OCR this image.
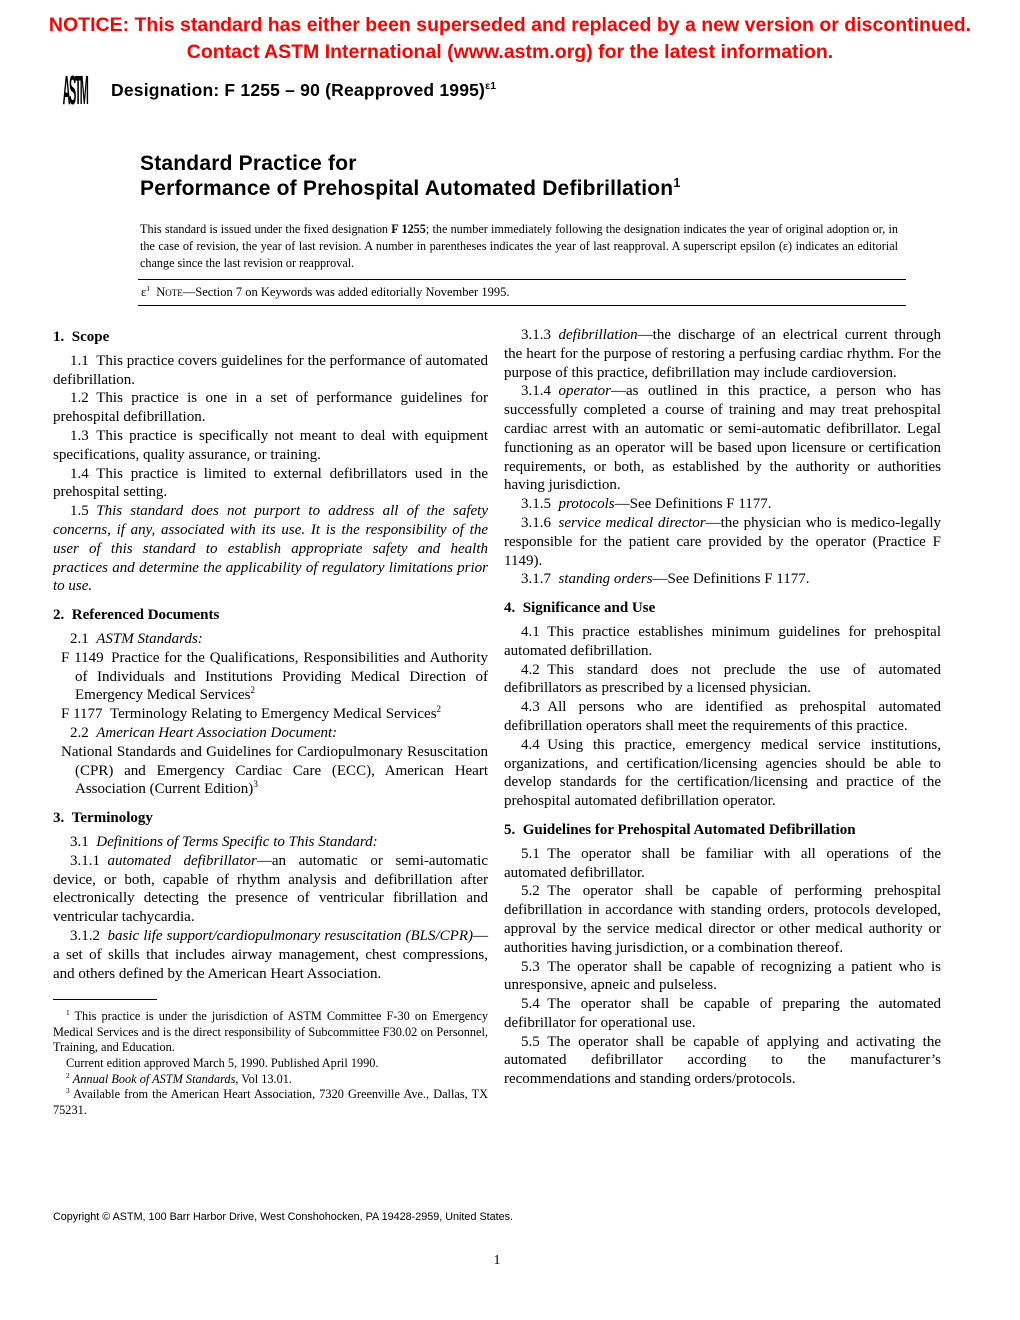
NOTICE: This standard has either been superseded and replaced by a new version or discontinued.
Contact ASTM International (www.astm.org) for the latest information.
ASTM Designation: F 1255 – 90 (Reapproved 1995)$^{\varepsilon 1}$
Standard Practice for
Performance of Prehospital Automated Defibrillation$^1$
This standard is issued under the fixed designation F 1255; the number immediately following the designation indicates the year of original adoption or, in the case of revision, the year of last revision. A number in parentheses indicates the year of last reapproval. A superscript epsilon (ε) indicates an editorial change since the last revision or reapproval.
$\varepsilon^1$  Note—Section 7 on Keywords was added editorially November 1995.
1. Scope

1.1 This practice covers guidelines for the performance of automated defibrillation.

1.2 This practice is one in a set of performance guidelines for prehospital defibrillation.

1.3 This practice is specifically not meant to deal with equipment specifications, quality assurance, or training.

1.4 This practice is limited to external defibrillators used in the prehospital setting.

1.5 This standard does not purport to address all of the safety concerns, if any, associated with its use. It is the responsibility of the user of this standard to establish appropriate safety and health practices and determine the applicability of regulatory limitations prior to use.

2. Referenced Documents

2.1 ASTM Standards:

F 1149 Practice for the Qualifications, Responsibilities and Authority of Individuals and Institutions Providing Medical Direction of Emergency Medical Services$^2$

F 1177 Terminology Relating to Emergency Medical Services$^2$

2.2 American Heart Association Document:

National Standards and Guidelines for Cardiopulmonary Resuscitation (CPR) and Emergency Cardiac Care (ECC), American Heart Association (Current Edition)$^3$

3. Terminology

3.1 Definitions of Terms Specific to This Standard:

3.1.1 automated defibrillator—an automatic or semi-automatic device, or both, capable of rhythm analysis and defibrillation after electronically detecting the presence of ventricular fibrillation and ventricular tachycardia.

3.1.2 basic life support/cardiopulmonary resuscitation (BLS/CPR)—a set of skills that includes airway management, chest compressions, and others defined by the American Heart Association.

$^1$ This practice is under the jurisdiction of ASTM Committee F-30 on Emergency Medical Services and is the direct responsibility of Subcommittee F30.02 on Personnel, Training, and Education.

Current edition approved March 5, 1990. Published April 1990.

$^2$ Annual Book of ASTM Standards, Vol 13.01.

$^3$ Available from the American Heart Association, 7320 Greenville Ave., Dallas, TX 75231.

3.1.3 defibrillation—the discharge of an electrical current through the heart for the purpose of restoring a perfusing cardiac rhythm. For the purpose of this practice, defibrillation may include cardioversion.

3.1.4 operator—as outlined in this practice, a person who has successfully completed a course of training and may treat prehospital cardiac arrest with an automatic or semi-automatic defibrillator. Legal functioning as an operator will be based upon licensure or certification requirements, or both, as established by the authority or authorities having jurisdiction.

3.1.5 protocols—See Definitions F 1177.

3.1.6 service medical director—the physician who is medico-legally responsible for the patient care provided by the operator (Practice F 1149).

3.1.7 standing orders—See Definitions F 1177.

4. Significance and Use

4.1 This practice establishes minimum guidelines for prehospital automated defibrillation.

4.2 This standard does not preclude the use of automated defibrillators as prescribed by a licensed physician.

4.3 All persons who are identified as prehospital automated defibrillation operators shall meet the requirements of this practice.

4.4 Using this practice, emergency medical service institutions, organizations, and certification/licensing agencies should be able to develop standards for the certification/licensing and practice of the prehospital automated defibrillation operator.

5. Guidelines for Prehospital Automated Defibrillation

5.1 The operator shall be familiar with all operations of the automated defibrillator.

5.2 The operator shall be capable of performing prehospital defibrillation in accordance with standing orders, protocols developed, approval by the service medical director or other medical authority or authorities having jurisdiction, or a combination thereof.

5.3 The operator shall be capable of recognizing a patient who is unresponsive, apneic and pulseless.

5.4 The operator shall be capable of preparing the automated defibrillator for operational use.

5.5 The operator shall be capable of applying and activating the automated defibrillator according to the manufacturer’s recommendations and standing orders/protocols.

Copyright © ASTM, 100 Barr Harbor Drive, West Conshohocken, PA 19428-2959, United States.
1
